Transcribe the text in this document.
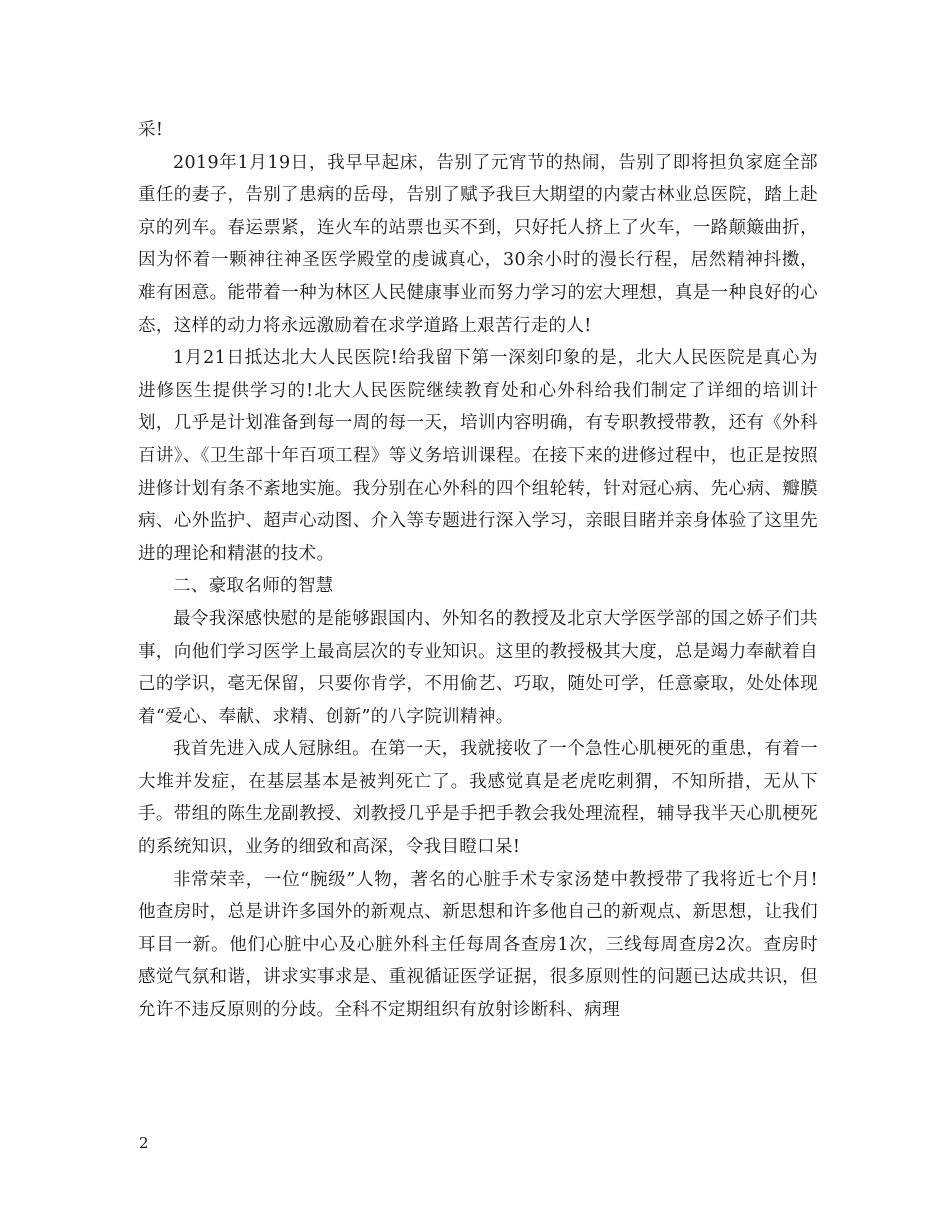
采!

2019年1月19日，我早早起床，告别了元宵节的热闹，告别了即将担负家庭全部重任的妻子，告别了患病的岳母，告别了赋予我巨大期望的内蒙古林业总医院，踏上赴京的列车。春运票紧，连火车的站票也买不到，只好托人挤上了火车，一路颠簸曲折，因为怀着一颗神往神圣医学殿堂的虔诚真心，30余小时的漫长行程，居然精神抖擞，难有困意。能带着一种为林区人民健康事业而努力学习的宏大理想，真是一种良好的心态，这样的动力将永远激励着在求学道路上艰苦行走的人!

1月21日抵达北大人民医院!给我留下第一深刻印象的是，北大人民医院是真心为进修医生提供学习的!北大人民医院继续教育处和心外科给我们制定了详细的培训计划，几乎是计划准备到每一周的每一天，培训内容明确，有专职教授带教，还有《外科百讲》、《卫生部十年百项工程》等义务培训课程。在接下来的进修过程中，也正是按照进修计划有条不紊地实施。我分别在心外科的四个组轮转，针对冠心病、先心病、瓣膜病、心外监护、超声心动图、介入等专题进行深入学习，亲眼目睹并亲身体验了这里先进的理论和精湛的技术。

二、豪取名师的智慧

最令我深感快慰的是能够跟国内、外知名的教授及北京大学医学部的国之娇子们共事，向他们学习医学上最高层次的专业知识。这里的教授极其大度，总是竭力奉献着自己的学识，毫无保留，只要你肯学，不用偷艺、巧取，随处可学，任意豪取，处处体现着“爱心、奉献、求精、创新”的八字院训精神。

我首先进入成人冠脉组。在第一天，我就接收了一个急性心肌梗死的重患，有着一大堆并发症，在基层基本是被判死亡了。我感觉真是老虎吃刺猬，不知所措，无从下手。带组的陈生龙副教授、刘教授几乎是手把手教会我处理流程，辅导我半天心肌梗死的系统知识，业务的细致和高深，令我目瞪口呆!

非常荣幸，一位“腕级”人物，著名的心脏手术专家汤楚中教授带了我将近七个月!他查房时，总是讲许多国外的新观点、新思想和许多他自己的新观点、新思想，让我们耳目一新。他们心脏中心及心脏外科主任每周各查房1次，三线每周查房2次。查房时感觉气氛和谐，讲求实事求是、重视循证医学证据，很多原则性的问题已达成共识，但允许不违反原则的分歧。全科不定期组织有放射诊断科、病理

2
